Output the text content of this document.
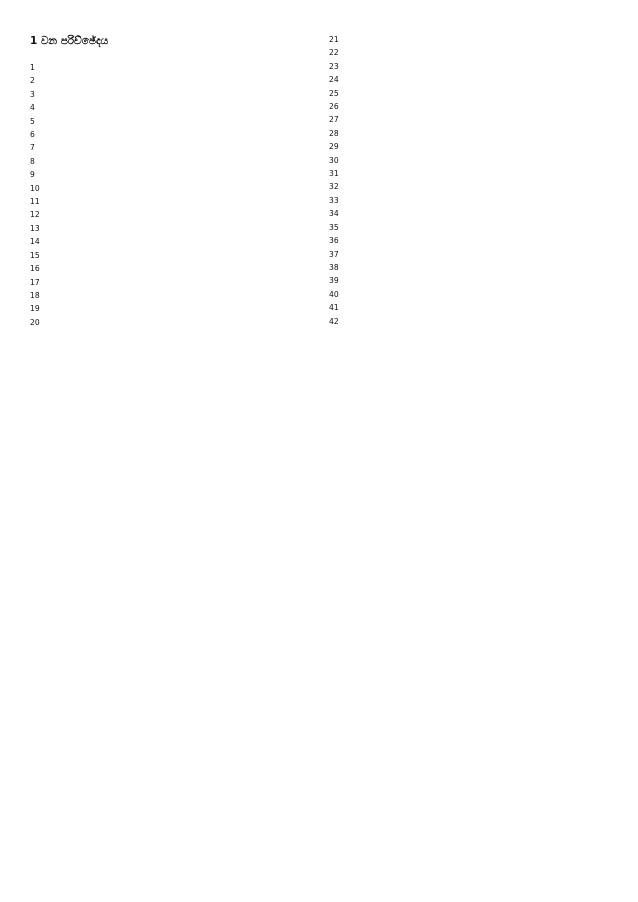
1 වන පරිච්ඡේදය

1

2

3

4

5

6

7

8

9

10

11

12

13

14

15

16

17

18

19

20

21

22

23

24

25

26

27

28

29

30

31

32

33

34

35

36

37

38

39

40

41

42
